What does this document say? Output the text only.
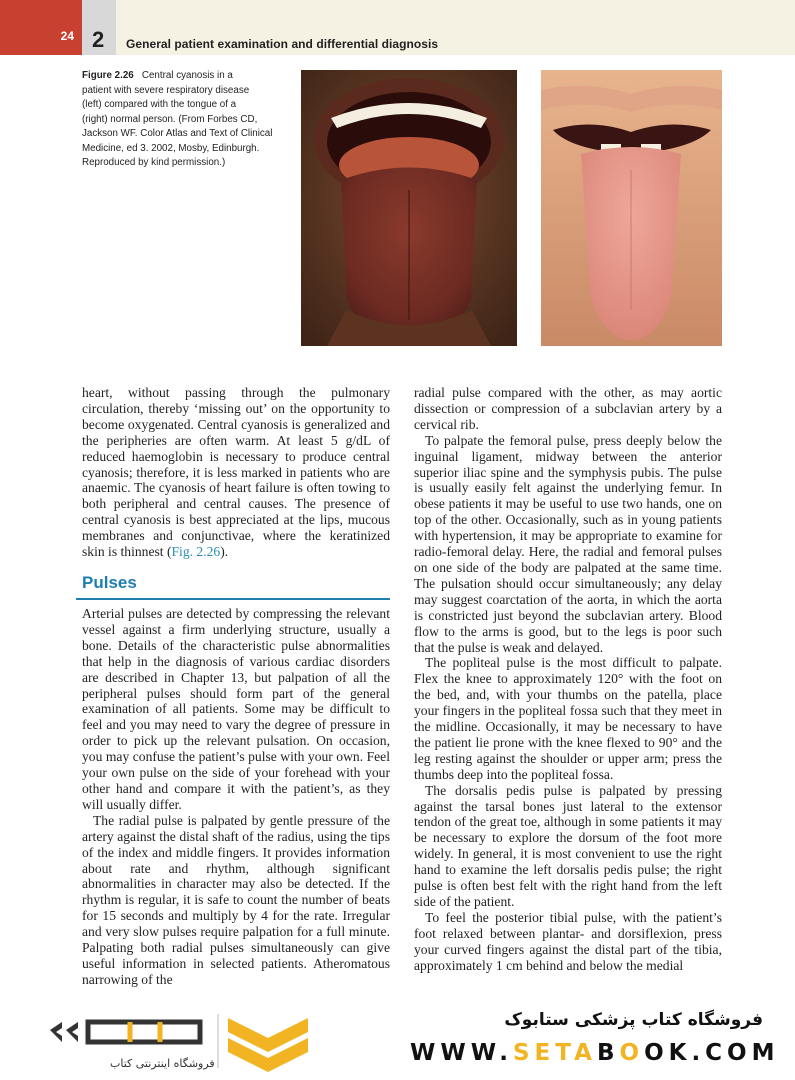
24 2 General patient examination and differential diagnosis
Figure 2.26 Central cyanosis in a
patient with severe respiratory disease
(left) compared with the tongue of a
(right) normal person. (From Forbes CD,
Jackson WF. Color Atlas and Text of Clinical
Medicine, ed 3. 2002, Mosby, Edinburgh.
Reproduced by kind permission.)

heart, without passing through the pulmonary circulation, thereby ‘missing out’ on the opportunity to become oxygenated. Central cyanosis is generalized and the peripheries are often warm. At least 5 g/dL of reduced haemoglobin is necessary to produce central cyanosis; therefore, it is less marked in patients who are anaemic. The cyanosis of heart failure is often towing to both peripheral and central causes. The presence of central cyanosis is best appreciated at the lips, mucous membranes and conjunctivae, where the keratinized skin is thinnest (Fig. 2.26).

Pulses

Arterial pulses are detected by compressing the relevant vessel against a firm underlying structure, usually a bone. Details of the characteristic pulse abnormalities that help in the diagnosis of various cardiac disorders are described in Chapter 13, but palpation of all the peripheral pulses should form part of the general examination of all patients. Some may be difficult to feel and you may need to vary the degree of pressure in order to pick up the relevant pulsation. On occasion, you may confuse the patient’s pulse with your own. Feel your own pulse on the side of your forehead with your other hand and compare it with the patient’s, as they will usually differ.

The radial pulse is palpated by gentle pressure of the artery against the distal shaft of the radius, using the tips of the index and middle fingers. It provides information about rate and rhythm, although significant abnormalities in character may also be detected. If the rhythm is regular, it is safe to count the number of beats for 15 seconds and multiply by 4 for the rate. Irregular and very slow pulses require palpation for a full minute. Palpating both radial pulses simultaneously can give useful information in selected patients. Atheromatous narrowing of the

radial pulse compared with the other, as may aortic dissection or compression of a subclavian artery by a cervical rib.

To palpate the femoral pulse, press deeply below the inguinal ligament, midway between the anterior superior iliac spine and the symphysis pubis. The pulse is usually easily felt against the underlying femur. In obese patients it may be useful to use two hands, one on top of the other. Occasionally, such as in young patients with hypertension, it may be appropriate to examine for radio-femoral delay. Here, the radial and femoral pulses on one side of the body are palpated at the same time. The pulsation should occur simultaneously; any delay may suggest coarctation of the aorta, in which the aorta is constricted just beyond the subclavian artery. Blood flow to the arms is good, but to the legs is poor such that the pulse is weak and delayed.

The popliteal pulse is the most difficult to palpate. Flex the knee to approximately 120° with the foot on the bed, and, with your thumbs on the patella, place your fingers in the popliteal fossa such that they meet in the midline. Occasionally, it may be necessary to have the patient lie prone with the knee flexed to 90° and the leg resting against the shoulder or upper arm; press the thumbs deep into the popliteal fossa.

The dorsalis pedis pulse is palpated by pressing against the tarsal bones just lateral to the extensor tendon of the great toe, although in some patients it may be necessary to explore the dorsum of the foot more widely. In general, it is most convenient to use the right hand to examine the left dorsalis pedis pulse; the right pulse is often best felt with the right hand from the left side of the patient.

To feel the posterior tibial pulse, with the patient’s foot relaxed between plantar- and dorsiflexion, press your curved fingers against the distal part of the tibia, approximately 1 cm behind and below the medial

فروشگاه اینترنتی کتاب
فروشگاه کتاب پزشکی ستابوک
WWW.SETABOOK.COM
